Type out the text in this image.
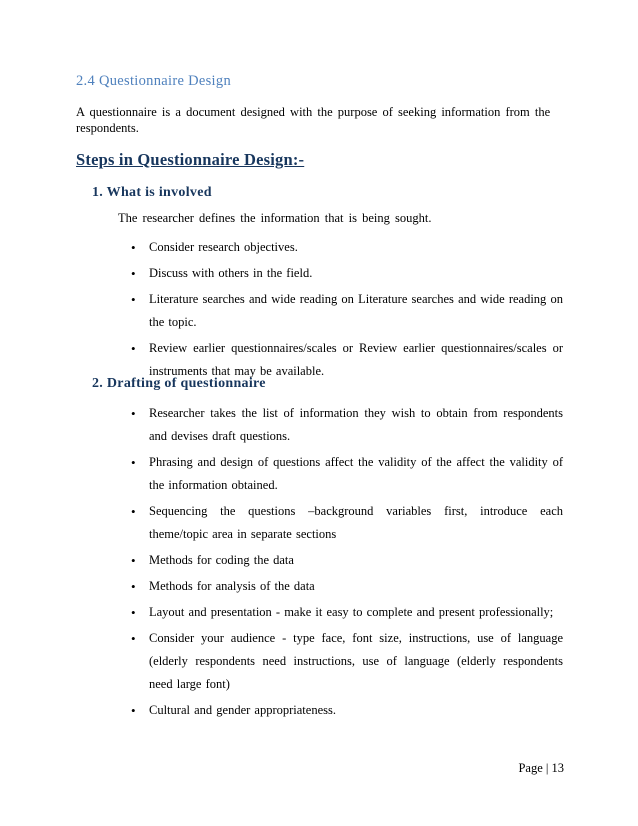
2.4 Questionnaire Design

A questionnaire is a document designed with the purpose of seeking information from the respondents.

Steps in Questionnaire Design:-
1. What is involved

The researcher defines the information that is being sought.

• Consider research objectives.
• Discuss with others in the field.
• Literature searches and wide reading on Literature searches and wide reading on the topic.
• Review earlier questionnaires/scales or Review earlier questionnaires/scales or instruments that may be available.
2. Drafting of questionnaire
• Researcher takes the list of information they wish to obtain from respondents and devises draft questions.
• Phrasing and design of questions affect the validity of the affect the validity of the information obtained.
• Sequencing the questions –background variables first, introduce each theme/topic area in separate sections
• Methods for coding the data
• Methods for analysis of the data
• Layout and presentation - make it easy to complete and present professionally;
• Consider your audience - type face, font size, instructions, use of language (elderly respondents need instructions, use of language (elderly respondents need large font)
• Cultural and gender appropriateness.

Page | 13
